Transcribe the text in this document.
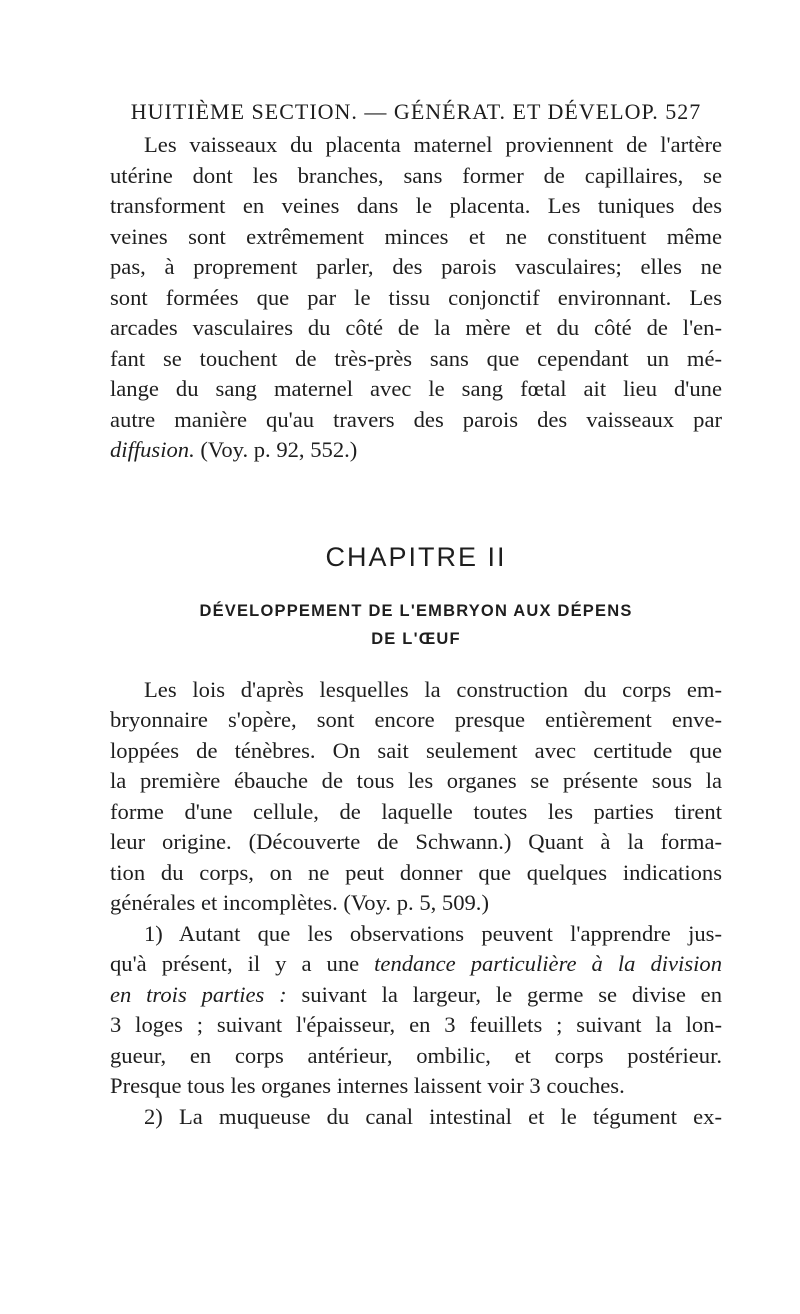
HUITIÈME SECTION. — GÉNÉRAT. ET DÉVELOP. 527

Les vaisseaux du placenta maternel proviennent de l'artère
utérine dont les branches, sans former de capillaires, se
transforment en veines dans le placenta. Les tuniques des
veines sont extrêmement minces et ne constituent même
pas, à proprement parler, des parois vasculaires; elles ne
sont formées que par le tissu conjonctif environnant. Les
arcades vasculaires du côté de la mère et du côté de l'en-
fant se touchent de très-près sans que cependant un mé-
lange du sang maternel avec le sang fœtal ait lieu d'une
autre manière qu'au travers des parois des vaisseaux par
diffusion. (Voy. p. 92, 552.)

CHAPITRE II
DÉVELOPPEMENT DE L'EMBRYON AUX DÉPENS
DE L'ŒUF

Les lois d'après lesquelles la construction du corps em-
bryonnaire s'opère, sont encore presque entièrement enve-
loppées de ténèbres. On sait seulement avec certitude que
la première ébauche de tous les organes se présente sous la
forme d'une cellule, de laquelle toutes les parties tirent
leur origine. (Découverte de Schwann.) Quant à la forma-
tion du corps, on ne peut donner que quelques indications
générales et incomplètes. (Voy. p. 5, 509.)

1) Autant que les observations peuvent l'apprendre jus-
qu'à présent, il y a une tendance particulière à la division
en trois parties : suivant la largeur, le germe se divise en
3 loges ; suivant l'épaisseur, en 3 feuillets ; suivant la lon-
gueur, en corps antérieur, ombilic, et corps postérieur.
Presque tous les organes internes laissent voir 3 couches.

2) La muqueuse du canal intestinal et le tégument ex-
